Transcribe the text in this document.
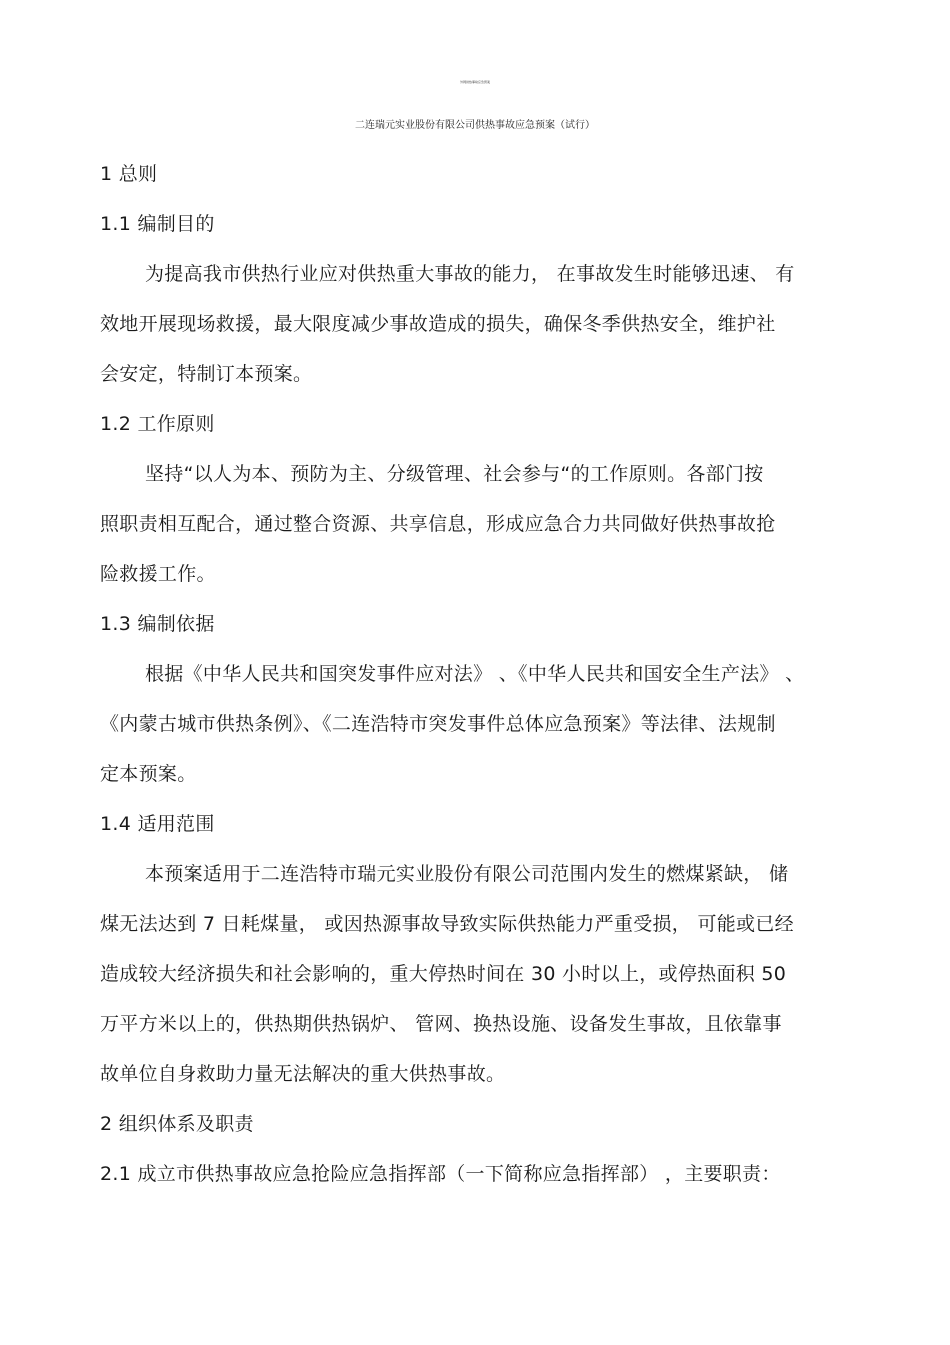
外网供热事故应急预案

二连瑞元实业股份有限公司供热事故应急预案（试行）

1 总则

1.1 编制目的

为提高我市供热行业应对供热重大事故的能力， 在事故发生时能够迅速、 有

效地开展现场救援，最大限度减少事故造成的损失，确保冬季供热安全，维护社

会安定，特制订本预案。

1.2 工作原则

坚持“以人为本、预防为主、分级管理、社会参与“的工作原则。各部门按

照职责相互配合，通过整合资源、共享信息，形成应急合力共同做好供热事故抢

险救援工作。

1.3 编制依据

根据《中华人民共和国突发事件应对法》 、《中华人民共和国安全生产法》 、

《内蒙古城市供热条例》、《二连浩特市突发事件总体应急预案》等法律、法规制

定本预案。

1.4 适用范围

本预案适用于二连浩特市瑞元实业股份有限公司范围内发生的燃煤紧缺， 储

煤无法达到 7 日耗煤量， 或因热源事故导致实际供热能力严重受损， 可能或已经

造成较大经济损失和社会影响的，重大停热时间在 30 小时以上，或停热面积 50

万平方米以上的，供热期供热锅炉、 管网、换热设施、设备发生事故，且依靠事

故单位自身救助力量无法解决的重大供热事故。

2 组织体系及职责

2.1 成立市供热事故应急抢险应急指挥部（一下简称应急指挥部） ，主要职责：
